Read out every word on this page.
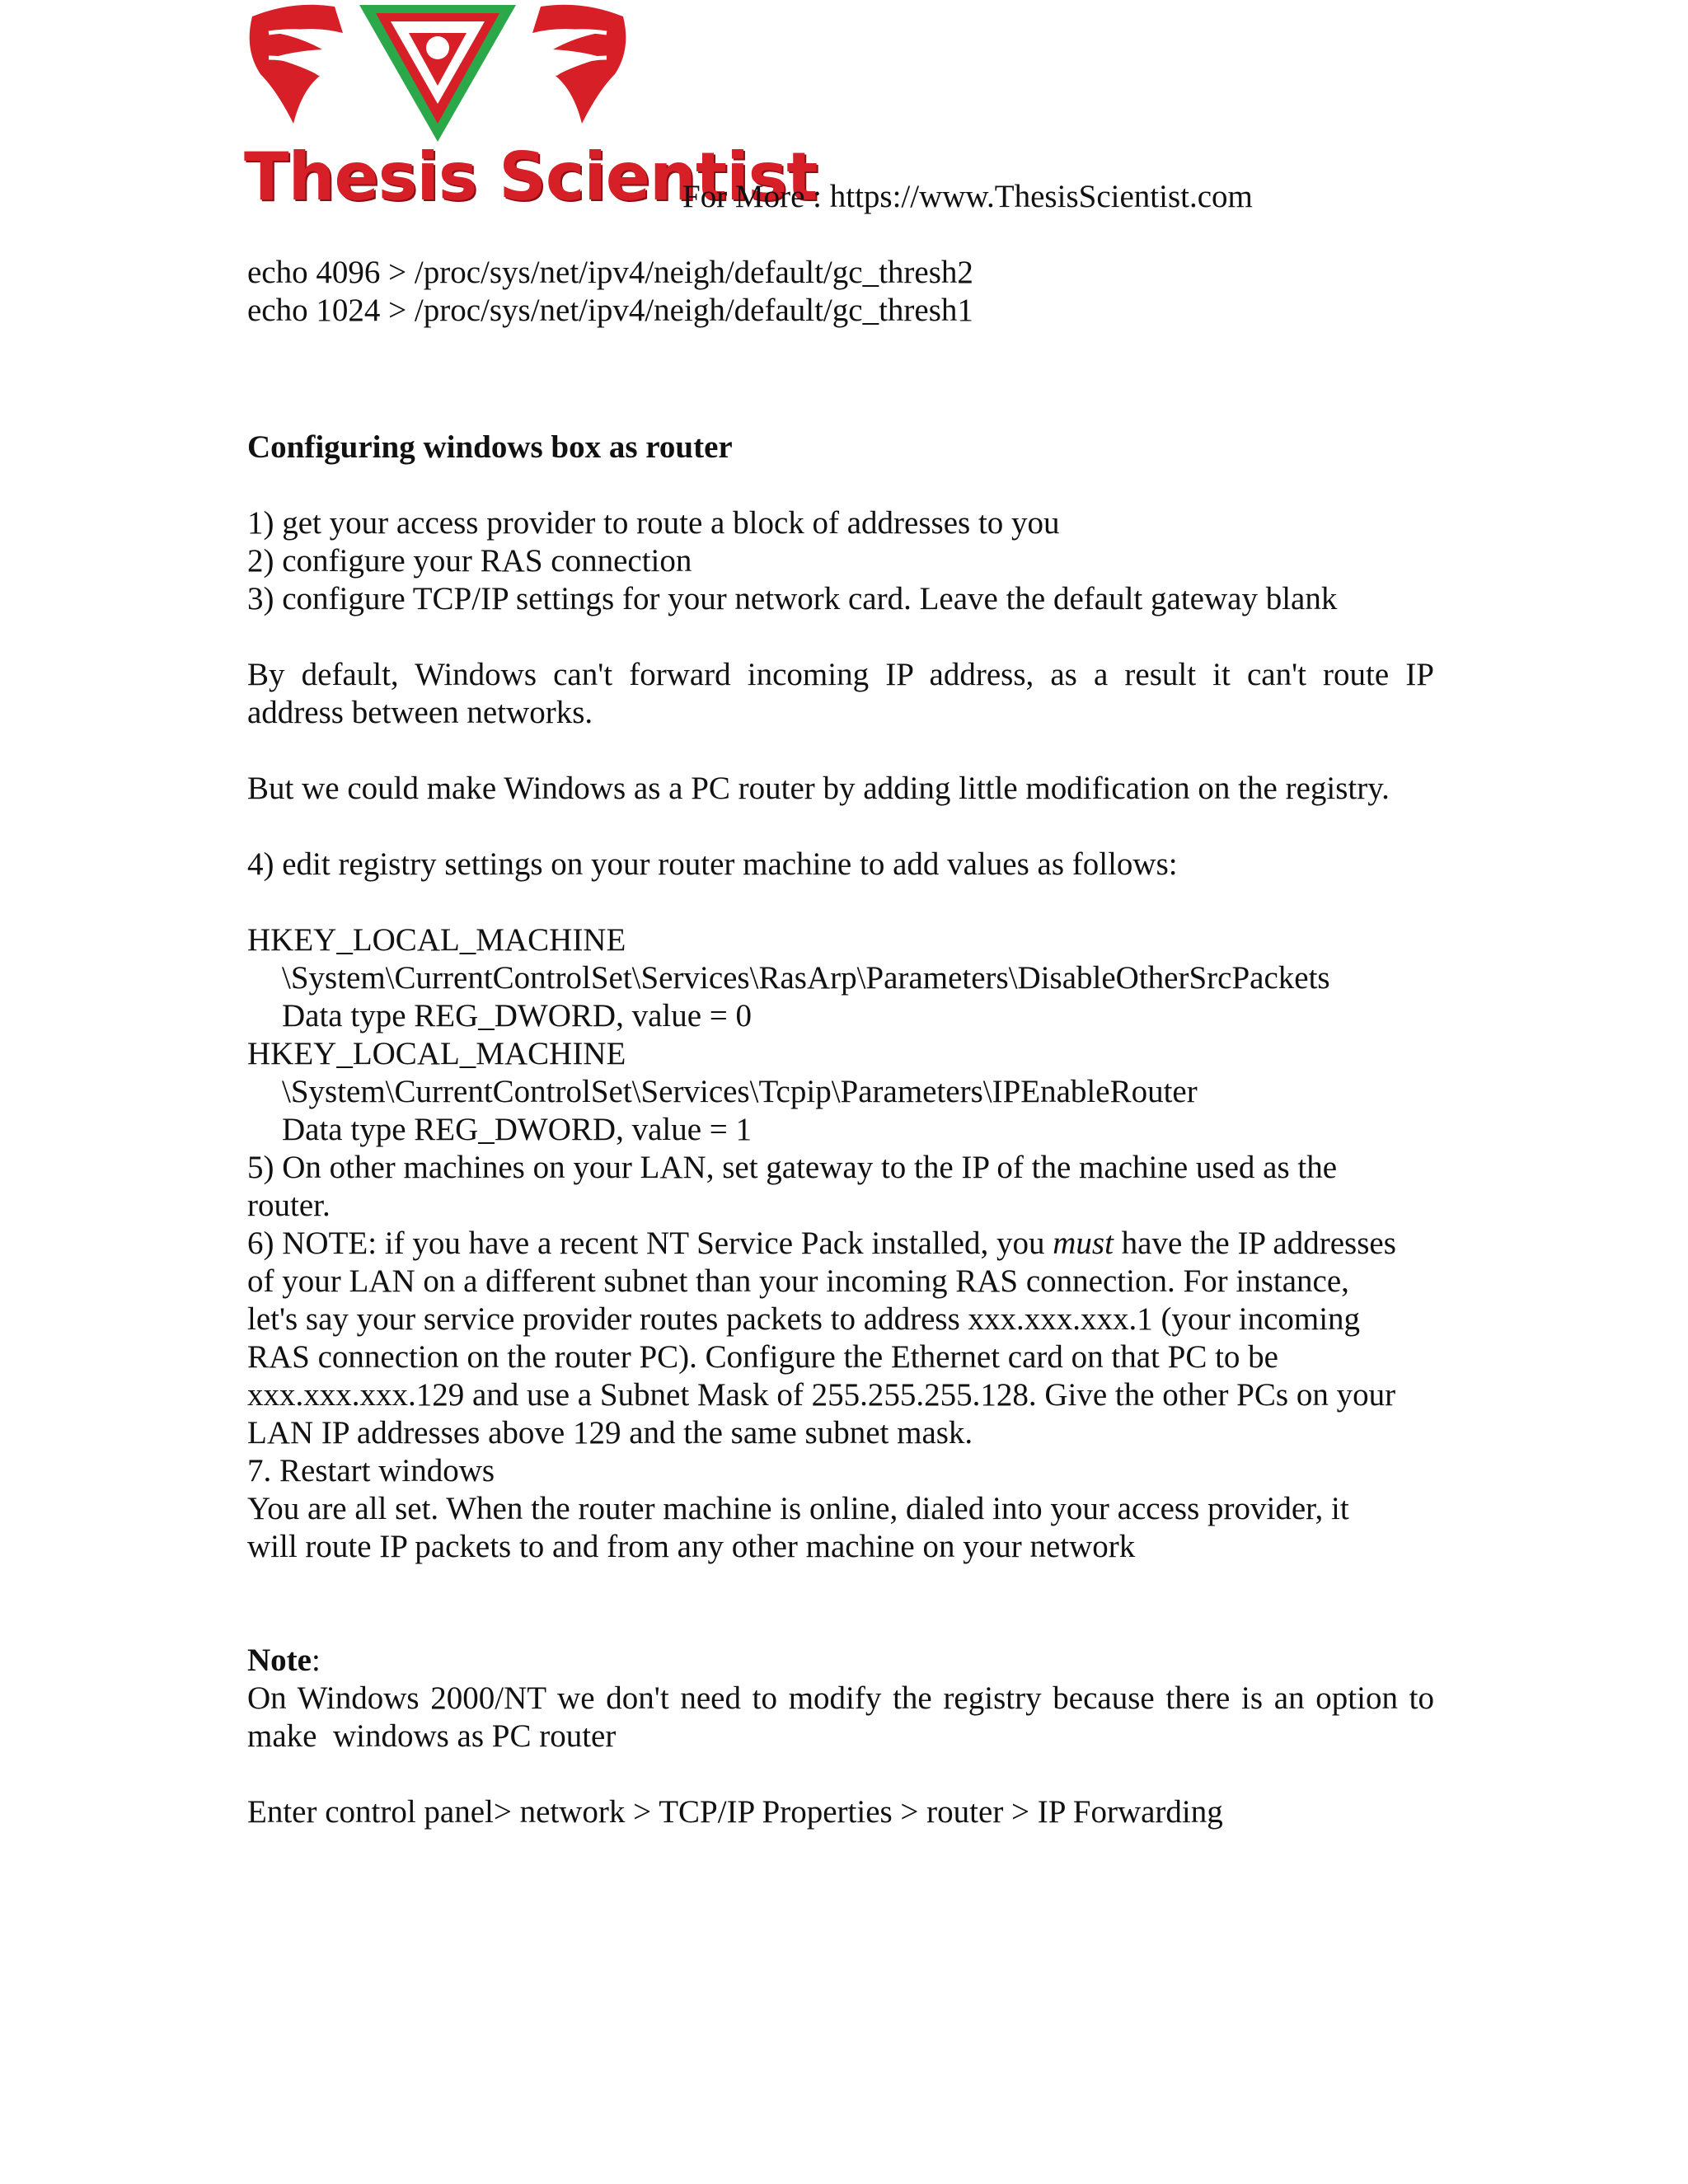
Thesis Scientist
For More : https://www.ThesisScientist.com
echo 4096 > /proc/sys/net/ipv4/neigh/default/gc_thresh2
echo 1024 > /proc/sys/net/ipv4/neigh/default/gc_thresh1
Configuring windows box as router
1) get your access provider to route a block of addresses to you
2) configure your RAS connection
3) configure TCP/IP settings for your network card. Leave the default gateway blank
By default, Windows can't forward incoming IP address, as a result it can't route IP
address between networks.
But we could make Windows as a PC router by adding little modification on the registry.
4) edit registry settings on your router machine to add values as follows:
HKEY_LOCAL_MACHINE
\System\CurrentControlSet\Services\RasArp\Parameters\DisableOtherSrcPackets
Data type REG_DWORD, value = 0
HKEY_LOCAL_MACHINE
\System\CurrentControlSet\Services\Tcpip\Parameters\IPEnableRouter
Data type REG_DWORD, value = 1
5) On other machines on your LAN, set gateway to the IP of the machine used as the
router.
6) NOTE: if you have a recent NT Service Pack installed, you must have the IP addresses
of your LAN on a different subnet than your incoming RAS connection. For instance,
let's say your service provider routes packets to address xxx.xxx.xxx.1 (your incoming
RAS connection on the router PC). Configure the Ethernet card on that PC to be
xxx.xxx.xxx.129 and use a Subnet Mask of 255.255.255.128. Give the other PCs on your
LAN IP addresses above 129 and the same subnet mask.
7. Restart windows
You are all set. When the router machine is online, dialed into your access provider, it
will route IP packets to and from any other machine on your network
Note:
On Windows 2000/NT we don't need to modify the registry because there is an option to
make  windows as PC router
Enter control panel> network > TCP/IP Properties > router > IP Forwarding
